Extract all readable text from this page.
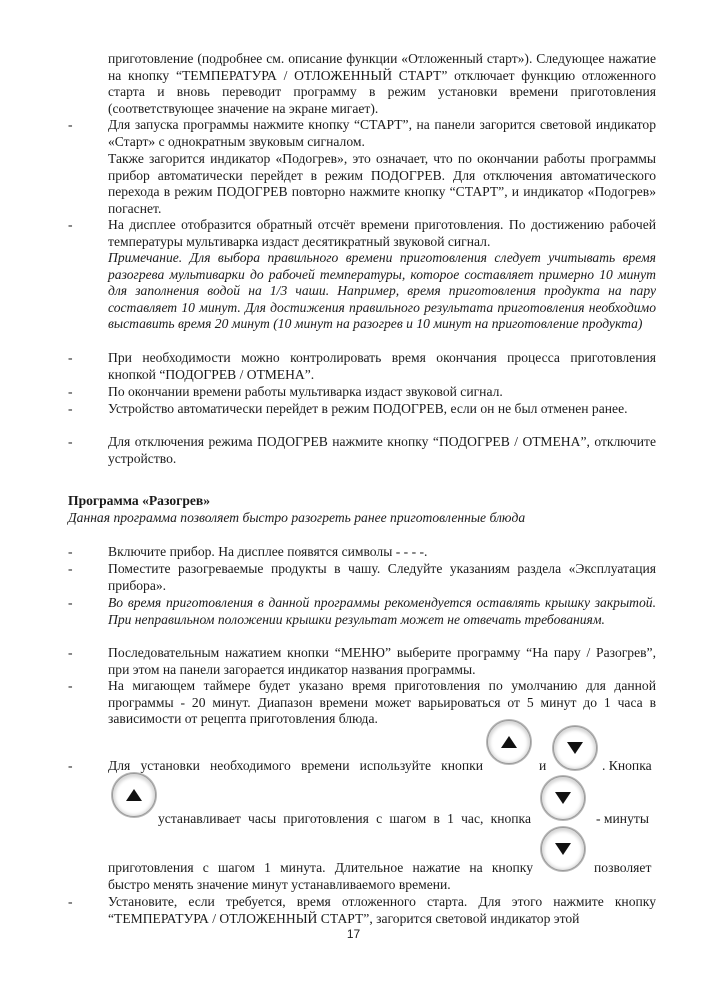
приготовление (подробнее см. описание функции «Отложенный старт»). Следующее нажатие на кнопку “ТЕМПЕРАТУРА / ОТЛОЖЕННЫЙ СТАРТ” отключает функцию отложенного старта и вновь переводит программу в режим установки времени приготовления (соответствующее значение на экране мигает).
-	Для запуска программы нажмите кнопку “СТАРТ”, на панели загорится световой индикатор «Старт» с однократным звуковым сигналом.
Также загорится индикатор «Подогрев», это означает, что по окончании работы программы прибор автоматически перейдет в режим ПОДОГРЕВ. Для отключения автоматического перехода в режим ПОДОГРЕВ повторно нажмите кнопку “СТАРТ”, и индикатор «Подогрев» погаснет.
-	На дисплее отобразится обратный отсчёт времени приготовления. По достижению рабочей температуры мультиварка издаст десятикратный звуковой сигнал.
Примечание. Для выбора правильного времени приготовления следует учитывать время разогрева мультиварки до рабочей температуры, которое составляет примерно 10 минут для заполнения водой на 1/3 чаши. Например, время приготовления продукта на пару составляет 10 минут. Для достижения правильного результата приготовления необходимо выставить время 20 минут (10 минут на разогрев и 10 минут на приготовление продукта)
-	При необходимости можно контролировать время окончания процесса приготовления кнопкой “ПОДОГРЕВ / ОТМЕНА”.
-	По окончании времени работы мультиварка издаст звуковой сигнал.
-	Устройство автоматически перейдет в режим ПОДОГРЕВ, если он не был отменен ранее.
-	Для отключения режима ПОДОГРЕВ нажмите кнопку “ПОДОГРЕВ / ОТМЕНА”, отключите устройство.
Программа «Разогрев»
Данная программа позволяет быстро разогреть ранее приготовленные блюда
-	Включите прибор. На дисплее появятся символы - - - -.
-	Поместите разогреваемые продукты в чашу. Следуйте указаниям раздела «Эксплуатация прибора».
-	Во время приготовления в данной программы рекомендуется оставлять крышку закрытой. При неправильном положении крышки результат может не отвечать требованиям.
-	Последовательным нажатием кнопки “МЕНЮ” выберите программу “На пару / Разогрев”, при этом на панели загорается индикатор названия программы.
-	На мигающем таймере будет указано время приготовления по умолчанию для данной программы - 20 минут. Диапазон времени может варьироваться от 5 минут до 1 часа в зависимости от рецепта приготовления блюда.
-	Для установки необходимого времени используйте кнопки	и	. Кнопка
устанавливает часы приготовления с шагом в 1 час, кнопка	- минуты
приготовления с шагом 1 минута. Длительное нажатие на кнопку	позволяет
быстро менять значение минут устанавливаемого времени.
-	Установите, если требуется, время отложенного старта. Для этого нажмите кнопку “ТЕМПЕРАТУРА / ОТЛОЖЕННЫЙ СТАРТ”, загорится световой индикатор этой
17
